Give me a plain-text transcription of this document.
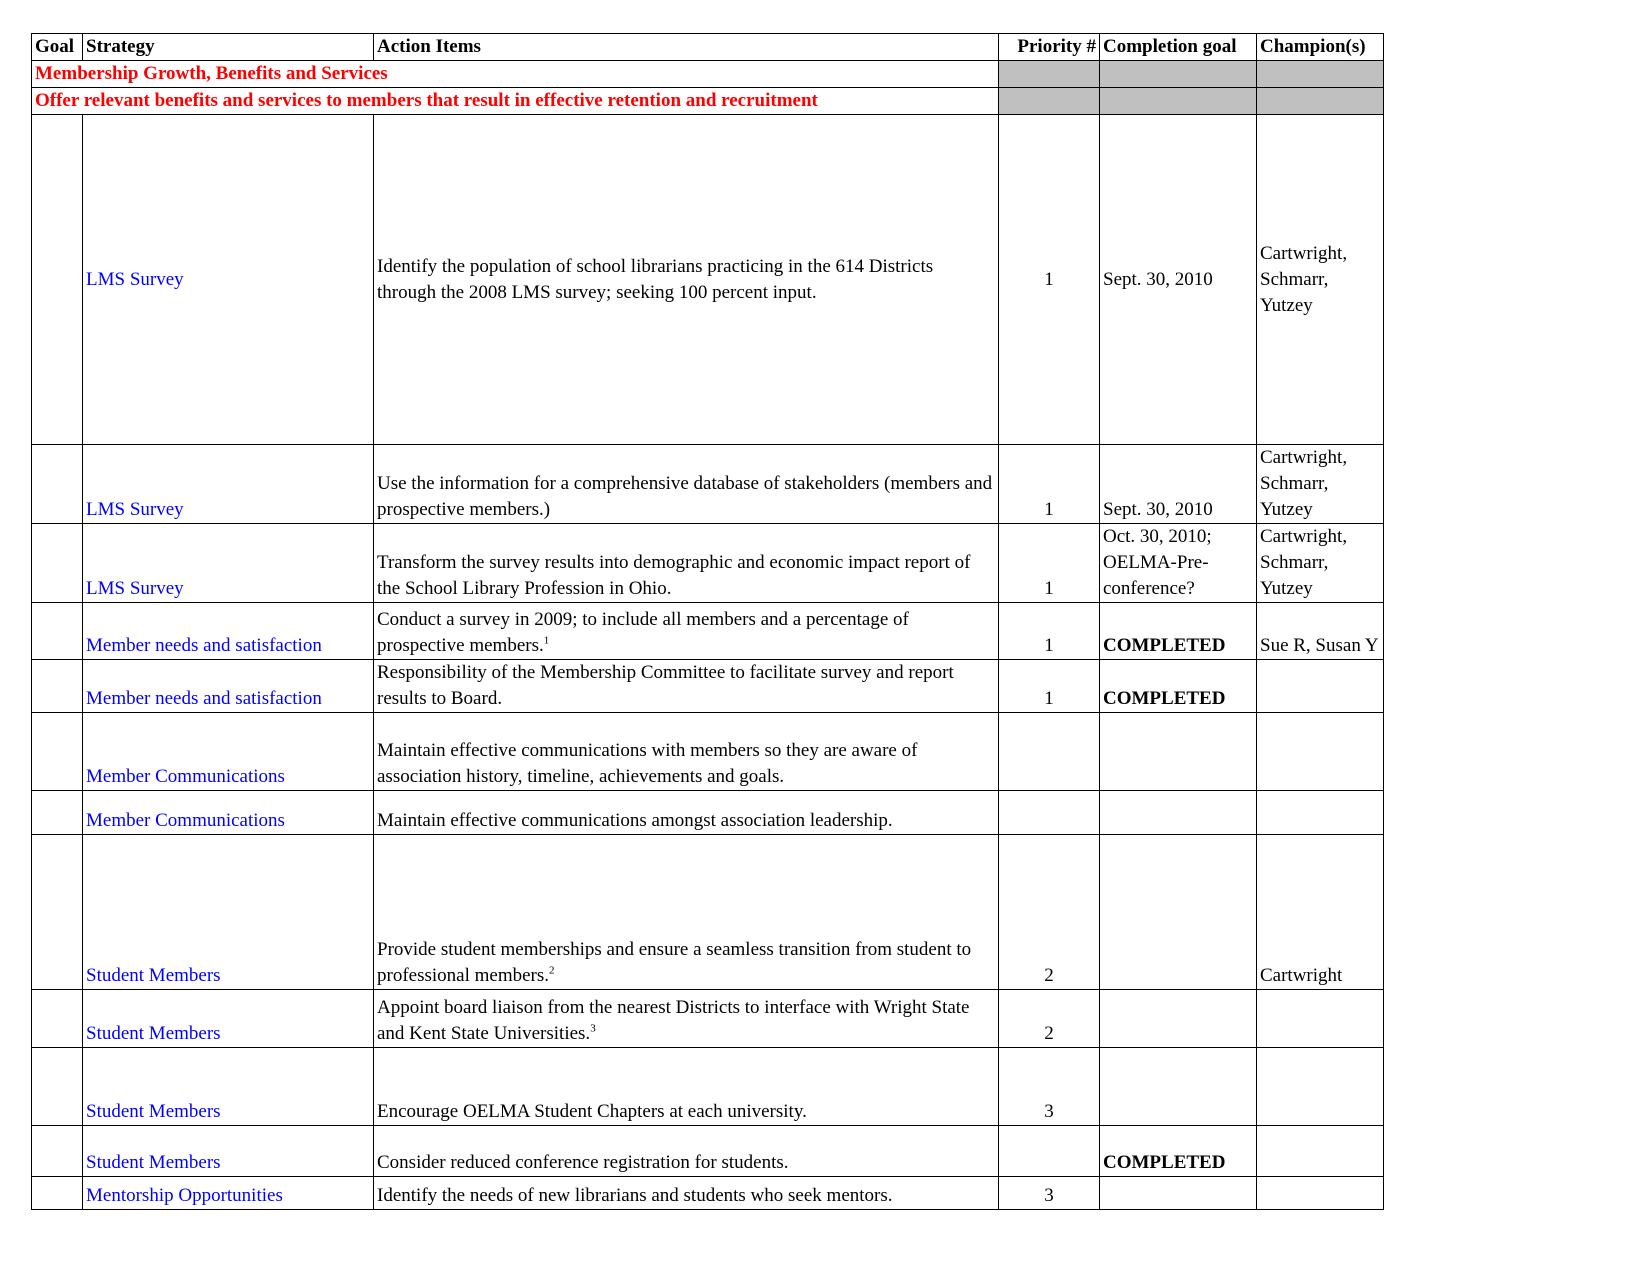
Goal	Strategy	Action Items	Priority #	Completion goal	Champion(s)
Membership Growth, Benefits and Services					
Offer relevant benefits and services to members that result in effective retention and recruitment					
	LMS Survey	Identify the population of school librarians practicing in the 614 Districts through the 2008 LMS survey; seeking 100 percent input.	1	Sept. 30, 2010	Cartwright, Schmarr, Yutzey
	LMS Survey	Use the information for a comprehensive database of stakeholders (members and prospective members.)	1	Sept. 30, 2010	Cartwright, Schmarr, Yutzey
	LMS Survey	Transform the survey results into demographic and economic impact report of the School Library Profession in Ohio.	1	Oct. 30, 2010; OELMA-Pre-conference?	Cartwright, Schmarr, Yutzey
	Member needs and satisfaction	Conduct a survey in 2009; to include all members and a percentage of prospective members.$^1$	1	COMPLETED	Sue R, Susan Y
	Member needs and satisfaction	Responsibility of the Membership Committee to facilitate survey and report results to Board.	1	COMPLETED	
	Member Communications	Maintain effective communications with members so they are aware of association history, timeline, achievements and goals.			
	Member Communications	Maintain effective communications amongst association leadership.			
	Student Members	Provide student memberships and ensure a seamless transition from student to professional members.$^2$	2		Cartwright
	Student Members	Appoint board liaison from the nearest Districts to interface with Wright State and Kent State Universities.$^3$	2		
	Student Members	Encourage OELMA Student Chapters at each university.	3		
	Student Members	Consider reduced conference registration for students.		COMPLETED	
	Mentorship Opportunities	Identify the needs of new librarians and students who seek mentors.	3		
